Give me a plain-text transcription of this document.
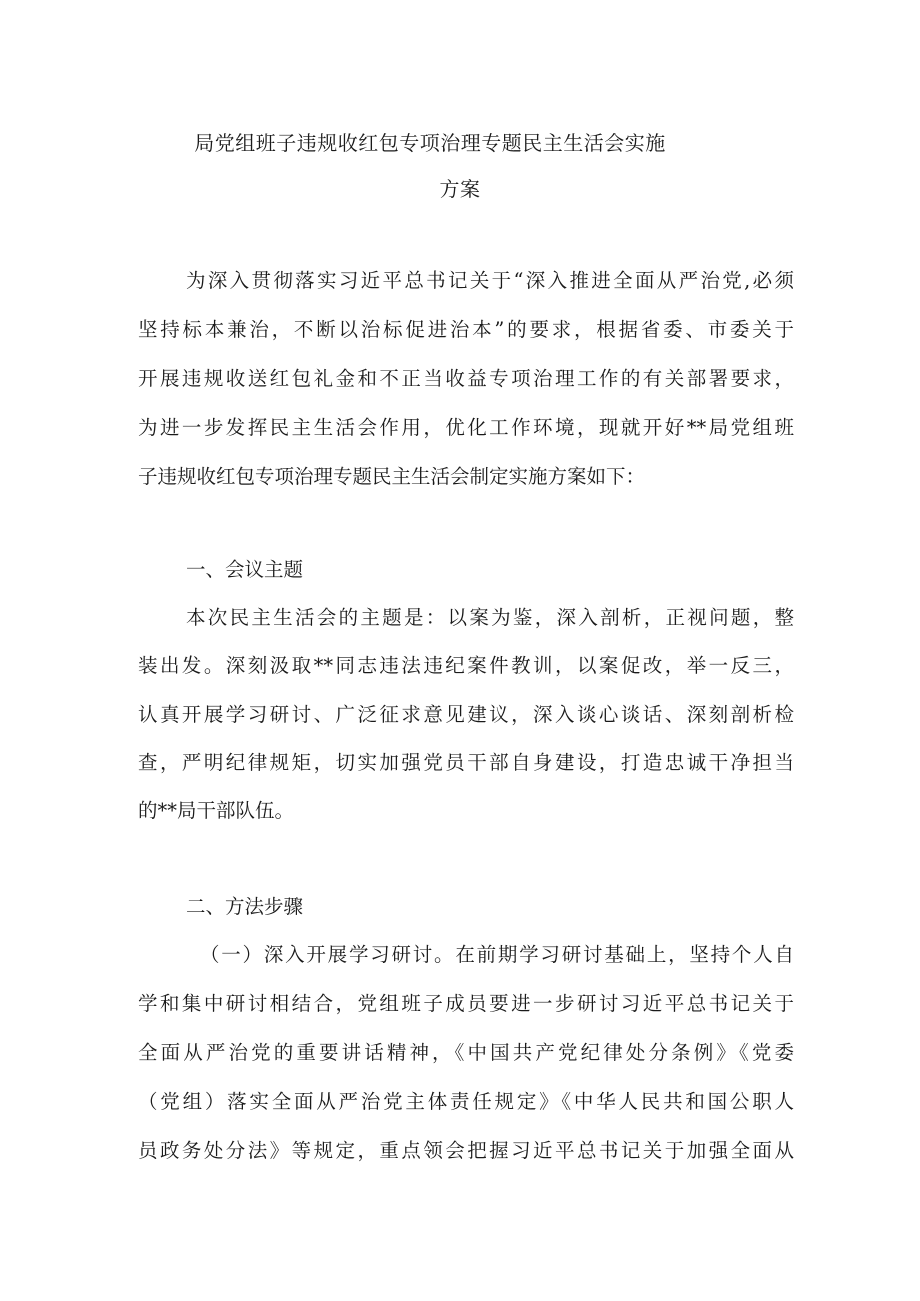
局党组班子违规收红包专项治理专题民主生活会实施
方案
为深入贯彻落实习近平总书记关于“深入推进全面从严治党,必须
坚持标本兼治，不断以治标促进治本”的要求，根据省委、市委关于
开展违规收送红包礼金和不正当收益专项治理工作的有关部署要求，
为进一步发挥民主生活会作用，优化工作环境，现就开好**局党组班
子违规收红包专项治理专题民主生活会制定实施方案如下：
一、会议主题
本次民主生活会的主题是：以案为鉴，深入剖析，正视问题，整
装出发。深刻汲取**同志违法违纪案件教训，以案促改，举一反三，
认真开展学习研讨、广泛征求意见建议，深入谈心谈话、深刻剖析检
查，严明纪律规矩，切实加强党员干部自身建设，打造忠诚干净担当
的**局干部队伍。
二、方法步骤
（一）深入开展学习研讨。在前期学习研讨基础上，坚持个人自
学和集中研讨相结合，党组班子成员要进一步研讨习近平总书记关于
全面从严治党的重要讲话精神，《中国共产党纪律处分条例》《党委
（党组）落实全面从严治党主体责任规定》《中华人民共和国公职人
员政务处分法》等规定，重点领会把握习近平总书记关于加强全面从
